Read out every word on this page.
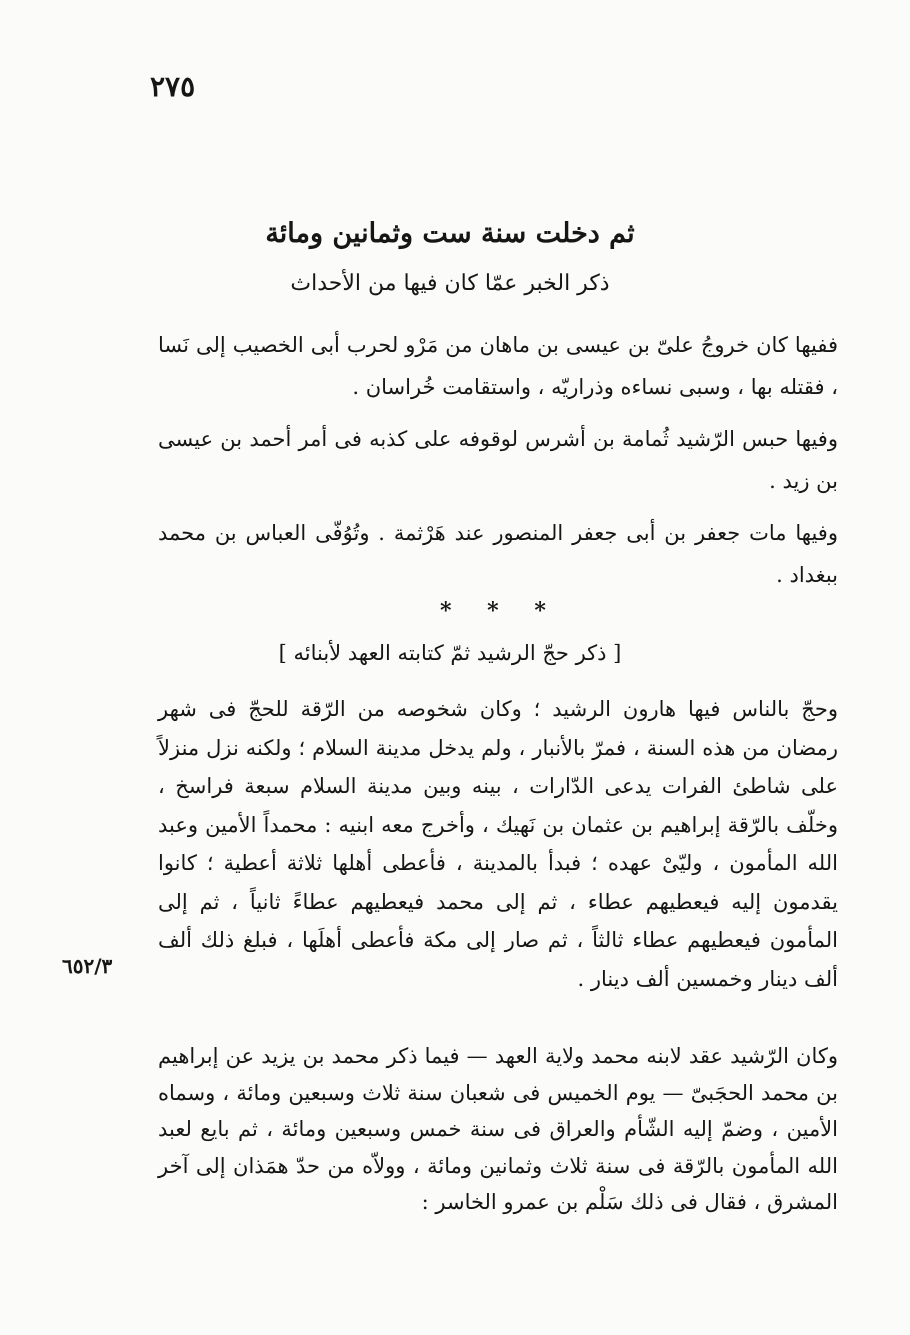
٢٧٥
ثم دخلت سنة ست وثمانين ومائة
ذكر الخبر عمّا كان فيها من الأحداث

ففيها كان خروجُ علىّ بن عيسى بن ماهان من مَرْو لحرب أبى الخصيب إلى نَسا ، فقتله بها ، وسبى نساءه وذراريّه ، واستقامت خُراسان .

وفيها حبس الرّشيد ثُمامة بن أشرس لوقوفه على كذبه فى أمر أحمد بن عيسى بن زيد .

وفيها مات جعفر بن أبى جعفر المنصور عند هَرْثمة . وتُوُفّى العباس بن محمد ببغداد .

* * *
[ ذكر حجّ الرشيد ثمّ كتابته العهد لأبنائه ]

وحجّ بالناس فيها هارون الرشيد ؛ وكان شخوصه من الرّقة للحجّ فى شهر رمضان من هذه السنة ، فمرّ بالأنبار ، ولم يدخل مدينة السلام ؛ ولكنه نزل منزلاً على شاطئ الفرات يدعى الدّارات ، بينه وبين مدينة السلام سبعة فراسخ ، وخلّف بالرّقة إبراهيم بن عثمان بن نَهيك ، وأخرج معه ابنيه : محمداً الأمين وعبد الله المأمون ، وليّىْ عهده ؛ فبدأ بالمدينة ، فأعطى أهلها ثلاثة أعطية ؛ كانوا يقدمون إليه فيعطيهم عطاء ، ثم إلى محمد فيعطيهم عطاءً ثانياً ، ثم إلى المأمون فيعطيهم عطاء ثالثاً ، ثم صار إلى مكة فأعطى أهلَها ، فبلغ ذلك ألف ألف دينار وخمسين ألف دينار .

وكان الرّشيد عقد لابنه محمد ولاية العهد — فيما ذكر محمد بن يزيد عن إبراهيم بن محمد الحجَبىّ — يوم الخميس فى شعبان سنة ثلاث وسبعين ومائة ، وسماه الأمين ، وضمّ إليه الشّأم والعراق فى سنة خمس وسبعين ومائة ، ثم بايع لعبد الله المأمون بالرّقة فى سنة ثلاث وثمانين ومائة ، وولاّه من حدّ همَذان إلى آخر المشرق ، فقال فى ذلك سَلْم بن عمرو الخاسر :

٦٥٢/٣
